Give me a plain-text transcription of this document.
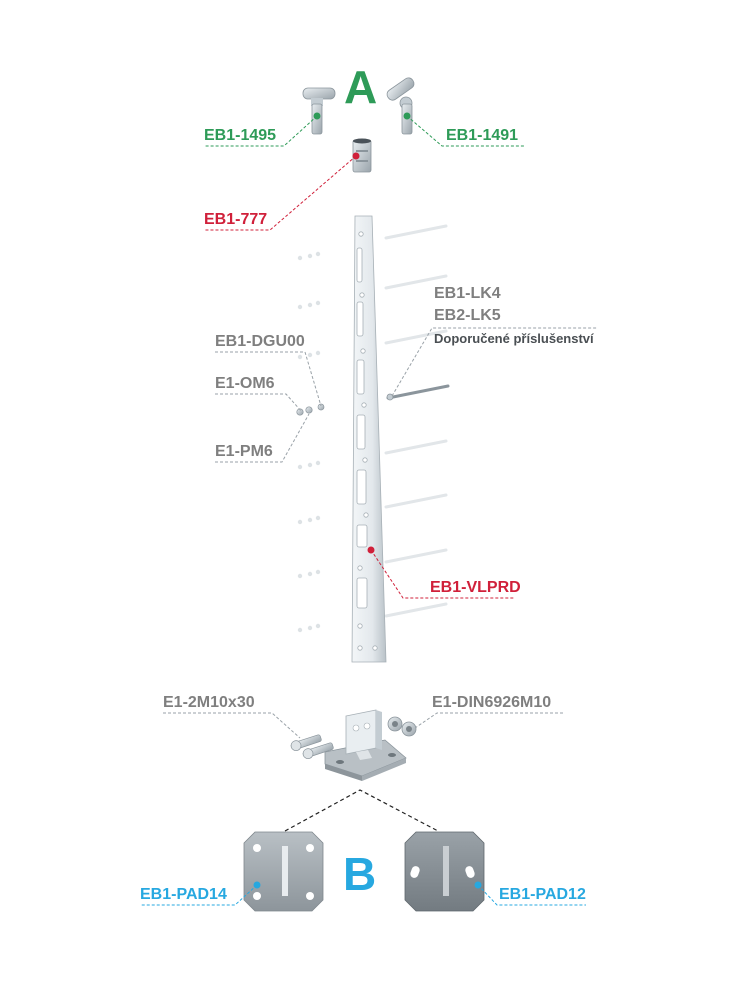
A
EB1-1495	EB1-1491
EB1-777
EB1-LK4
EB2-LK5
Doporučené příslušenství
EB1-DGU00
E1-OM6
E1-PM6
EB1-VLPRD
E1-2M10x30	E1-DIN6926M10
B
EB1-PAD14	EB1-PAD12
